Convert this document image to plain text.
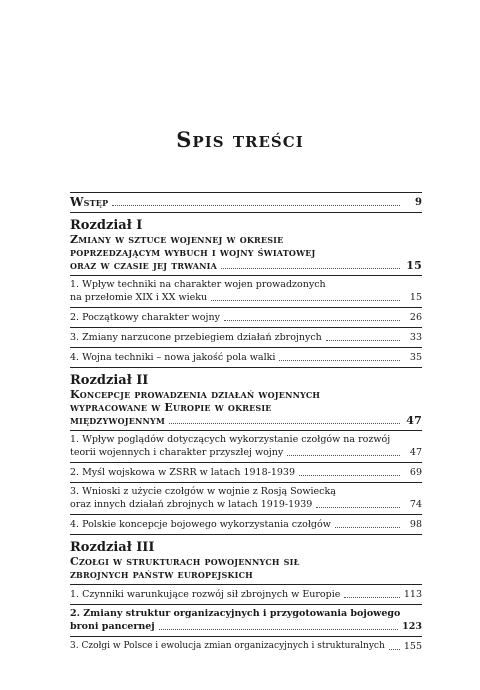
Spis treści
Wstęp	9
Rozdział I
Zmiany w sztuce wojennej w okresie
poprzedzającym wybuch i wojny światowej
oraz w czasie jej trwania	15
1. Wpływ techniki na charakter wojen prowadzonych
na przełomie XIX i XX wieku	15
2. Początkowy charakter wojny	26
3. Zmiany narzucone przebiegiem działań zbrojnych	33
4. Wojna techniki – nowa jakość pola walki	35
Rozdział II
Koncepcje prowadzenia działań wojennych
wypracowane w Europie w okresie
międzywojennym	47
1. Wpływ poglądów dotyczących wykorzystanie czołgów na rozwój
teorii wojennych i charakter przyszłej wojny	47
2. Myśl wojskowa w ZSRR w latach 1918-1939	69
3. Wnioski z użycie czołgów w wojnie z Rosją Sowiecką
oraz innych działań zbrojnych w latach 1919-1939	74
4. Polskie koncepcje bojowego wykorzystania czołgów	98
Rozdział III
Czołgi w strukturach powojennych sił
zbrojnych państw europejskich
1. Czynniki warunkujące rozwój sił zbrojnych w Europie	113
2. Zmiany struktur organizacyjnych i przygotowania bojowego
broni pancernej	123
3. Czołgi w Polsce i ewolucja zmian organizacyjnych i strukturalnych 155
